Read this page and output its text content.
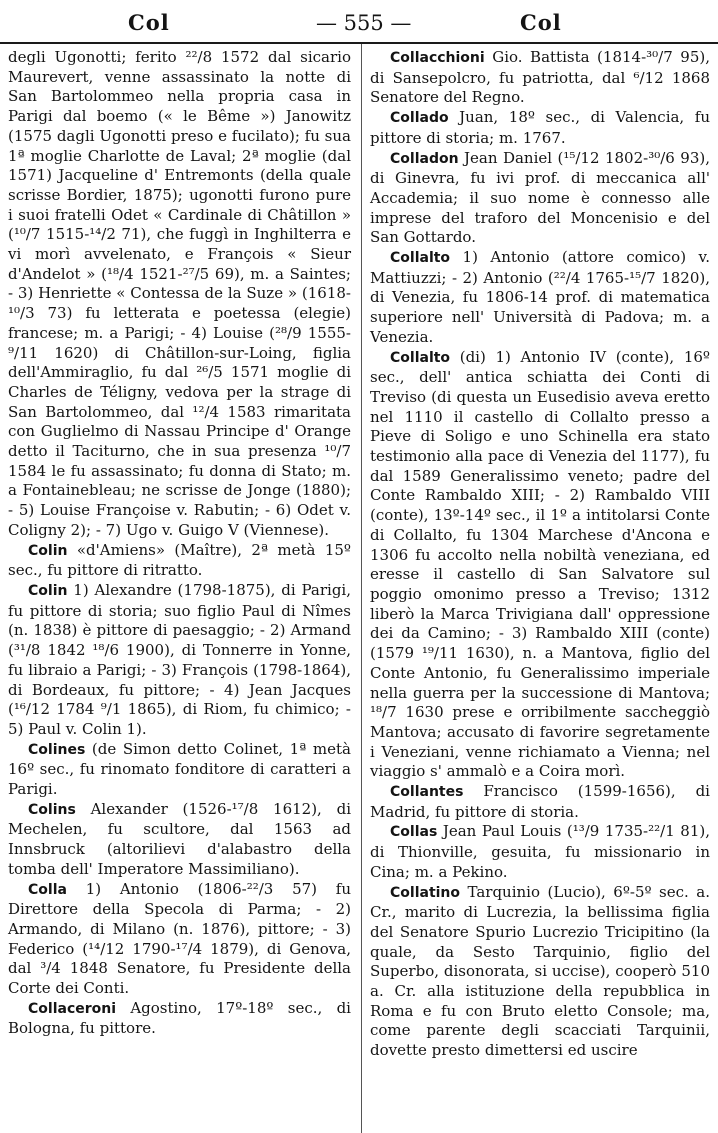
Col	— 555 —	Col

degli Ugonotti; ferito ²²/8 1572 dal sicario Maurevert, venne assassinato la notte di San Bartolommeo nella propria casa in Parigi dal boemo (« le Bême ») Janowitz (1575 dagli Ugonotti preso e fucilato); fu sua 1ª moglie Charlotte de Laval; 2ª moglie (dal 1571) Jacqueline d' Entremonts (della quale scrisse Bordier, 1875); ugonotti furono pure i suoi fratelli Odet « Cardinale di Châtillon » (¹⁰/7 1515-¹⁴/2 71), che fuggì in Inghilterra e vi morì avvelenato, e François « Sieur d'Andelot » (¹⁸/4 1521-²⁷/5 69), m. a Saintes; - 3) Henriette « Contessa de la Suze » (1618-¹⁰/3 73) fu letterata e poetessa (elegie) francese; m. a Parigi; - 4) Louise (²⁸/9 1555-⁹/11 1620) di Châtillon-sur-Loing, figlia dell'Ammiraglio, fu dal ²⁶/5 1571 moglie di Charles de Téligny, vedova per la strage di San Bartolommeo, dal ¹²/4 1583 rimaritata con Guglielmo di Nassau Principe d' Orange detto il Taciturno, che in sua presenza ¹⁰/7 1584 le fu assassinato; fu donna di Stato; m. a Fontainebleau; ne scrisse de Jonge (1880); - 5) Louise Françoise v. Rabutin; - 6) Odet v. Coligny 2); - 7) Ugo v. Guigo V (Viennese).

Colin «d'Amiens» (Maître), 2ª metà 15º sec., fu pittore di ritratto.

Colin 1) Alexandre (1798-1875), di Parigi, fu pittore di storia; suo figlio Paul di Nîmes (n. 1838) è pittore di paesaggio; - 2) Armand (³¹/8 1842 ¹⁸/6 1900), di Tonnerre in Yonne, fu libraio a Parigi; - 3) François (1798-1864), di Bordeaux, fu pittore; - 4) Jean Jacques (¹⁶/12 1784 ⁹/1 1865), di Riom, fu chimico; - 5) Paul v. Colin 1).

Colines (de Simon detto Colinet, 1ª metà 16º sec., fu rinomato fonditore di caratteri a Parigi.

Colins Alexander (1526-¹⁷/8 1612), di Mechelen, fu scultore, dal 1563 ad Innsbruck (altorilievi d'alabastro della tomba dell' Imperatore Massimiliano).

Colla 1) Antonio (1806-²²/3 57) fu Direttore della Specola di Parma; - 2) Armando, di Milano (n. 1876), pittore; - 3) Federico (¹⁴/12 1790-¹⁷/4 1879), di Genova, dal ³/4 1848 Senatore, fu Presidente della Corte dei Conti.

Collaceroni Agostino, 17º-18º sec., di Bologna, fu pittore.

Collacchioni Gio. Battista (1814-³⁰/7 95), di Sansepolcro, fu patriotta, dal ⁶/12 1868 Senatore del Regno.

Collado Juan, 18º sec., di Valencia, fu pittore di storia; m. 1767.

Colladon Jean Daniel (¹⁵/12 1802-³⁰/6 93), di Ginevra, fu ivi prof. di meccanica all' Accademia; il suo nome è connesso alle imprese del traforo del Moncenisio e del San Gottardo.

Collalto 1) Antonio (attore comico) v. Mattiuzzi; - 2) Antonio (²²/4 1765-¹⁵/7 1820), di Venezia, fu 1806-14 prof. di matematica superiore nell' Università di Padova; m. a Venezia.

Collalto (di) 1) Antonio IV (conte), 16º sec., dell' antica schiatta dei Conti di Treviso (di questa un Eusedisio aveva eretto nel 1110 il castello di Collalto presso a Pieve di Soligo e uno Schinella era stato testimonio alla pace di Venezia del 1177), fu dal 1589 Generalissimo veneto; padre del Conte Rambaldo XIII; - 2) Rambaldo VIII (conte), 13º-14º sec., il 1º a intitolarsi Conte di Collalto, fu 1304 Marchese d'Ancona e 1306 fu accolto nella nobiltà veneziana, ed eresse il castello di San Salvatore sul poggio omonimo presso a Treviso; 1312 liberò la Marca Trivigiana dall' oppressione dei da Camino; - 3) Rambaldo XIII (conte) (1579 ¹⁹/11 1630), n. a Mantova, figlio del Conte Antonio, fu Generalissimo imperiale nella guerra per la successione di Mantova; ¹⁸/7 1630 prese e orribilmente saccheggiò Mantova; accusato di favorire segretamente i Veneziani, venne richiamato a Vienna; nel viaggio s' ammalò e a Coira morì.

Collantes Francisco (1599-1656), di Madrid, fu pittore di storia.

Collas Jean Paul Louis (¹³/9 1735-²²/1 81), di Thionville, gesuita, fu missionario in Cina; m. a Pekino.

Collatino Tarquinio (Lucio), 6º-5º sec. a. Cr., marito di Lucrezia, la bellissima figlia del Senatore Spurio Lucrezio Tricipitino (la quale, da Sesto Tarquinio, figlio del Superbo, disonorata, si uccise), cooperò 510 a. Cr. alla istituzione della repubblica in Roma e fu con Bruto eletto Console; ma, come parente degli scacciati Tarquinii, dovette presto dimettersi ed uscire
